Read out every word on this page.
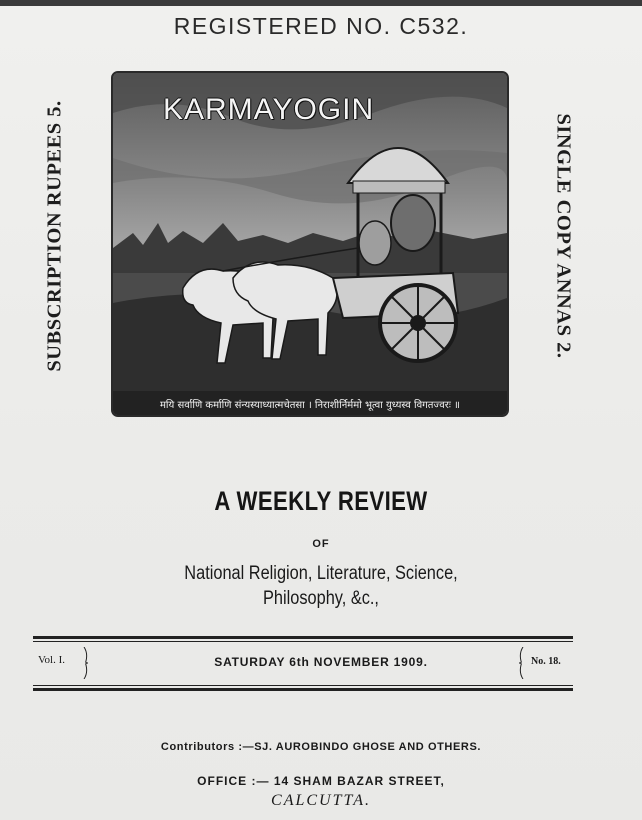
REGISTERED NO. C532.
SUBSCRIPTION RUPEES 5.	SINGLE COPY ANNAS 2.
KARMAYOGIN
मयि सर्वाणि कर्माणि संन्यस्याध्यात्मचेतसा । निराशीर्निर्ममो भूत्वा युध्यस्व विगतज्वरः ॥
A WEEKLY REVIEW
OF
National Religion, Literature, Science,
Philosophy, &c.,
Vol. I.	SATURDAY 6th NOVEMBER 1909.	No. 18.
Contributors :—SJ. AUROBINDO GHOSE AND OTHERS.
OFFICE :— 14 SHAM BAZAR STREET,
CALCUTTA.
